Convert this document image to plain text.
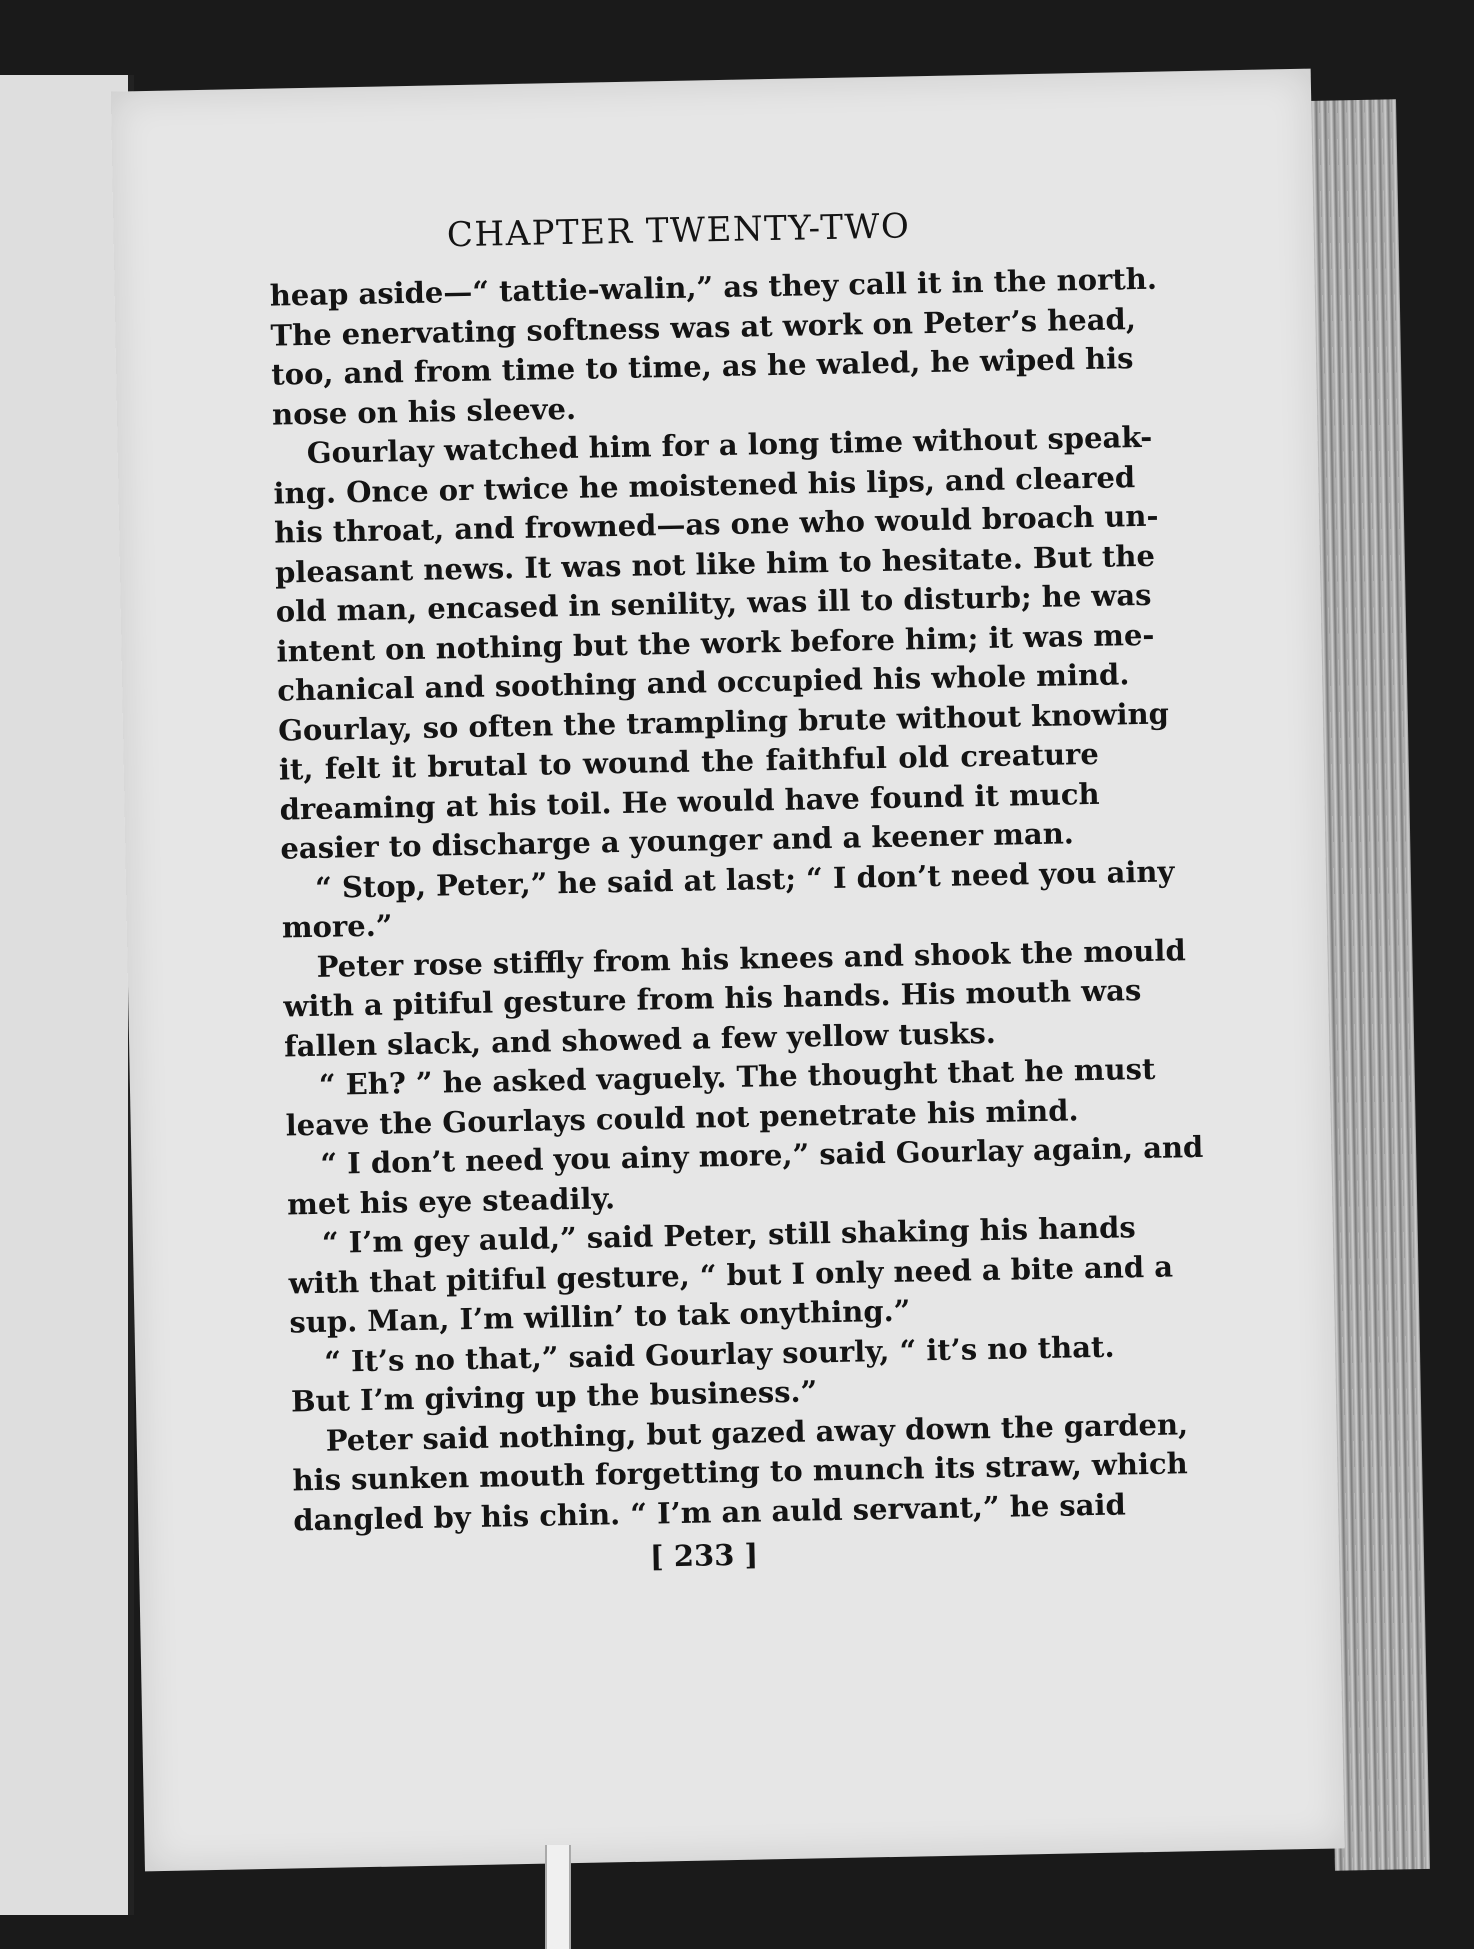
CHAPTER TWENTY-TWO
heap aside—“ tattie-walin,” as they call it in the north.
The enervating softness was at work on Peter’s head,
too, and from time to time, as he waled, he wiped his
nose on his sleeve.
Gourlay watched him for a long time without speak-
ing. Once or twice he moistened his lips, and cleared
his throat, and frowned—as one who would broach un-
pleasant news. It was not like him to hesitate. But the
old man, encased in senility, was ill to disturb; he was
intent on nothing but the work before him; it was me-
chanical and soothing and occupied his whole mind.
Gourlay, so often the trampling brute without knowing
it, felt it brutal to wound the faithful old creature
dreaming at his toil. He would have found it much
easier to discharge a younger and a keener man.
“ Stop, Peter,” he said at last; “ I don’t need you ainy
more.”
Peter rose stiffly from his knees and shook the mould
with a pitiful gesture from his hands. His mouth was
fallen slack, and showed a few yellow tusks.
“ Eh? ” he asked vaguely. The thought that he must
leave the Gourlays could not penetrate his mind.
“ I don’t need you ainy more,” said Gourlay again, and
met his eye steadily.
“ I’m gey auld,” said Peter, still shaking his hands
with that pitiful gesture, “ but I only need a bite and a
sup. Man, I’m willin’ to tak onything.”
“ It’s no that,” said Gourlay sourly, “ it’s no that.
But I’m giving up the business.”
Peter said nothing, but gazed away down the garden,
his sunken mouth forgetting to munch its straw, which
dangled by his chin. “ I’m an auld servant,” he said
[ 233 ]
